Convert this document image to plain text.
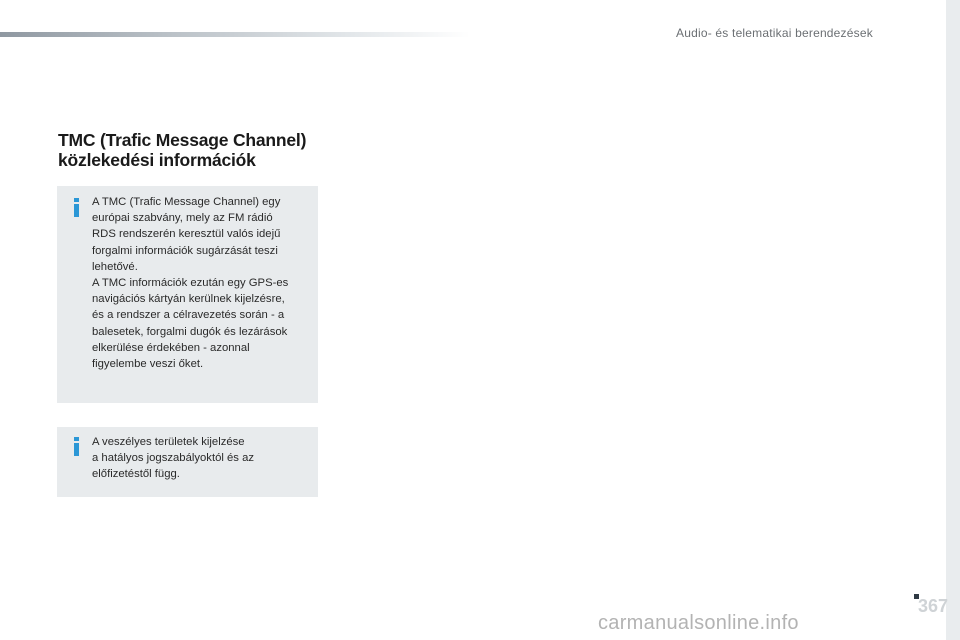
Audio- és telematikai berendezések
TMC (Trafic Message Channel)
közlekedési információk

A TMC (Trafic Message Channel) egy
európai szabvány, mely az FM rádió
RDS rendszerén keresztül valós idejű
forgalmi információk sugárzását teszi
lehetővé.

A TMC információk ezután egy GPS-es
navigációs kártyán kerülnek kijelzésre,
és a rendszer a célravezetés során - a
balesetek, forgalmi dugók és lezárások
elkerülése érdekében - azonnal
figyelembe veszi őket.

A veszélyes területek kijelzése
a hatályos jogszabályoktól és az
előfizetéstől függ.

367
carmanualsonline.info
